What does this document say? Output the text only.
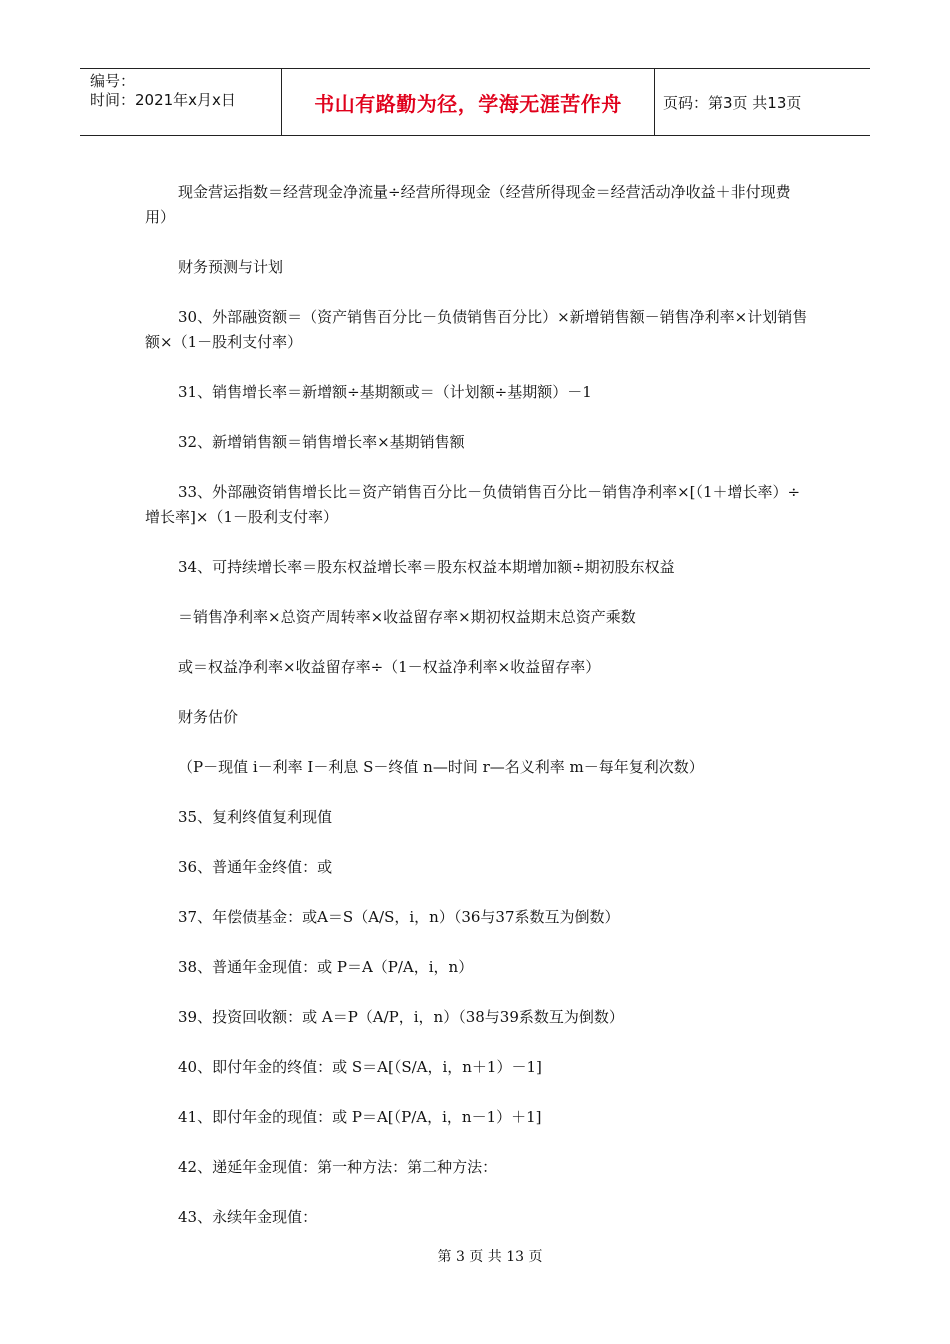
编号：
时间：2021年x月x日	书山有路勤为径，学海无涯苦作舟	页码：第3页 共13页

现金营运指数＝经营现金净流量÷经营所得现金（经营所得现金＝经营活动净收益＋非付现费用）

财务预测与计划

30、外部融资额＝（资产销售百分比－负债销售百分比）×新增销售额－销售净利率×计划销售额×（1－股利支付率）

31、销售增长率＝新增额÷基期额或＝（计划额÷基期额）－1

32、新增销售额＝销售增长率×基期销售额

33、外部融资销售增长比＝资产销售百分比－负债销售百分比－销售净利率×[（1＋增长率）÷增长率]×（1－股利支付率）

34、可持续增长率＝股东权益增长率＝股东权益本期增加额÷期初股东权益

＝销售净利率×总资产周转率×收益留存率×期初权益期末总资产乘数

或＝权益净利率×收益留存率÷（1－权益净利率×收益留存率）

财务估价

（P－现值 i－利率 I－利息 S－终值 n—时间 r—名义利率 m－每年复利次数）

35、复利终值复利现值

36、普通年金终值：或

37、年偿债基金：或A＝S（A/S，i，n）（36与37系数互为倒数）

38、普通年金现值：或 P＝A（P/A，i，n）

39、投资回收额：或 A＝P（A/P，i，n）（38与39系数互为倒数）

40、即付年金的终值：或 S＝A[（S/A，i，n＋1）－1]

41、即付年金的现值：或 P＝A[（P/A，i，n－1）＋1]

42、递延年金现值：第一种方法：第二种方法：

43、永续年金现值：

第 3 页 共 13 页
